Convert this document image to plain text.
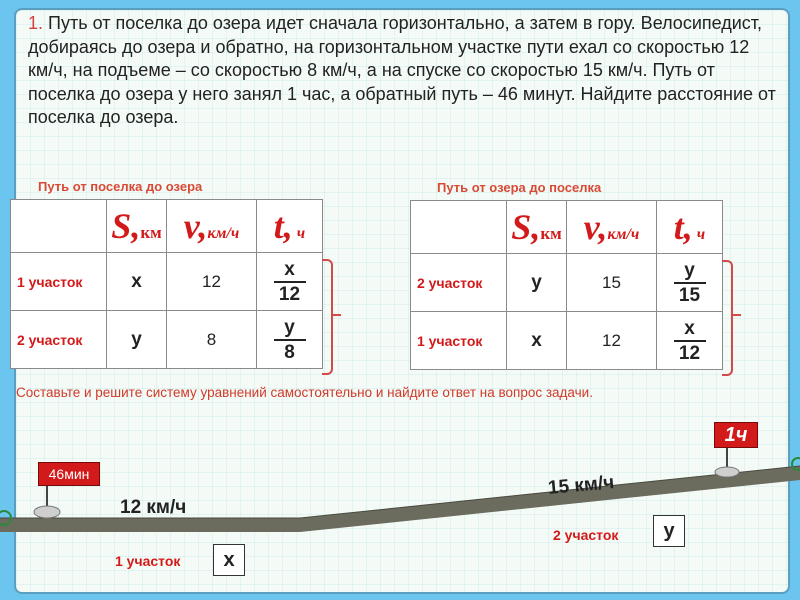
1. Путь от поселка до озера идет сначала горизонтально, а затем в гору. Велосипедист, добираясь до озера и обратно, на горизонтальном участке пути ехал со скоростью 12 км/ч, на подъеме – со скоростью 8 км/ч, а на спуске со скоростью 15 км/ч. Путь от поселка до озера у него занял 1 час, а обратный путь – 46 минут. Найдите расстояние от поселка до озера.
Путь от поселка до озера
	S,км	v,км/ч	t, ч
1 участок	х	12	$\frac{х}{12}$
2 участок	у	8	$\frac{у}{8}$
Путь от озера до поселка
	S,км	v,км/ч	t, ч
2 участок	у	15	$\frac{у}{15}$
1 участок	х	12	$\frac{х}{12}$
Составьте и решите систему уравнений самостоятельно и найдите ответ на вопрос задачи.
46мин
1ч
12 км/ч
15 км/ч
1 участок	х
2 участок	у
